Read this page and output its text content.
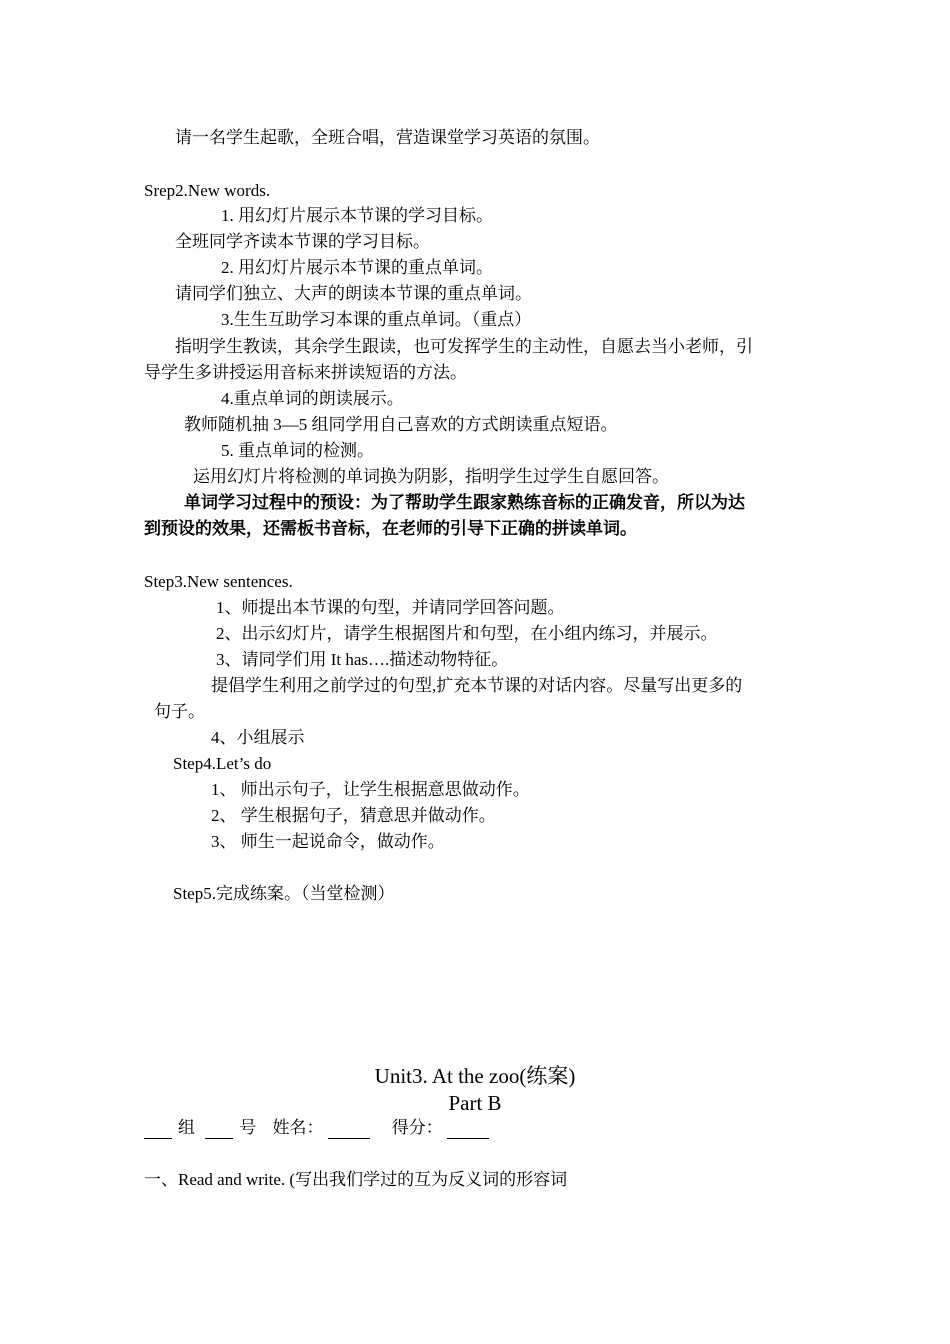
请一名学生起歌，全班合唱，营造课堂学习英语的氛围。
Srep2.New words.
1. 用幻灯片展示本节课的学习目标。
全班同学齐读本节课的学习目标。
2. 用幻灯片展示本节课的重点单词。
请同学们独立、大声的朗读本节课的重点单词。
3.生生互助学习本课的重点单词。（重点）
指明学生教读，其余学生跟读，也可发挥学生的主动性，自愿去当小老师，引
导学生多讲授运用音标来拼读短语的方法。
4.重点单词的朗读展示。
教师随机抽 3—5 组同学用自己喜欢的方式朗读重点短语。
5. 重点单词的检测。
运用幻灯片将检测的单词换为阴影，指明学生过学生自愿回答。
单词学习过程中的预设：为了帮助学生跟家熟练音标的正确发音，所以为达
到预设的效果，还需板书音标，在老师的引导下正确的拼读单词。
Step3.New sentences.
1、师提出本节课的句型，并请同学回答问题。
2、出示幻灯片，请学生根据图片和句型，在小组内练习，并展示。
3、请同学们用 It has….描述动物特征。
提倡学生利用之前学过的句型,扩充本节课的对话内容。尽量写出更多的
句子。
4、小组展示
Step4.Let’s do
1、 师出示句子，让学生根据意思做动作。
2、 学生根据句子，猜意思并做动作。
3、 师生一起说命令，做动作。
Step5.完成练案。（当堂检测）
Unit3. At the zoo(练案)
Part B
组	号 姓名：	得分：
一、Read and write. (写出我们学过的互为反义词的形容词
